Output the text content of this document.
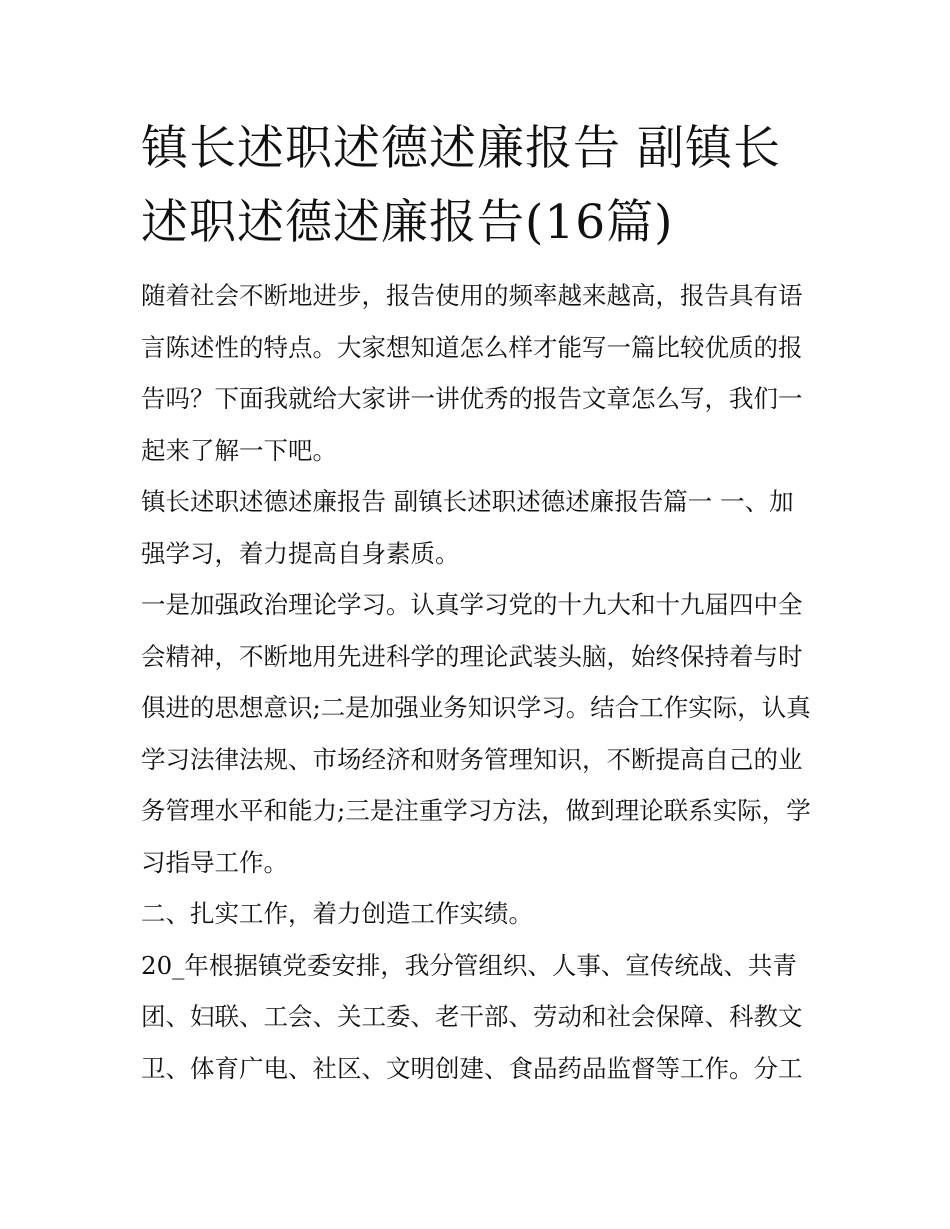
镇长述职述德述廉报告 副镇长述职述德述廉报告(16篇)

随着社会不断地进步，报告使用的频率越来越高，报告具有语言陈述性的特点。大家想知道怎么样才能写一篇比较优质的报告吗？下面我就给大家讲一讲优秀的报告文章怎么写，我们一起来了解一下吧。

镇长述职述德述廉报告 副镇长述职述德述廉报告篇一 一、加强学习，着力提高自身素质。

一是加强政治理论学习。认真学习党的十九大和十九届四中全会精神，不断地用先进科学的理论武装头脑，始终保持着与时俱进的思想意识;二是加强业务知识学习。结合工作实际，认真学习法律法规、市场经济和财务管理知识，不断提高自己的业务管理水平和能力;三是注重学习方法，做到理论联系实际，学习指导工作。

二、扎实工作，着力创造工作实绩。

20_年根据镇党委安排，我分管组织、人事、宣传统战、共青团、妇联、工会、关工委、老干部、劳动和社会保障、科教文卫、体育广电、社区、文明创建、食品药品监督等工作。分工
